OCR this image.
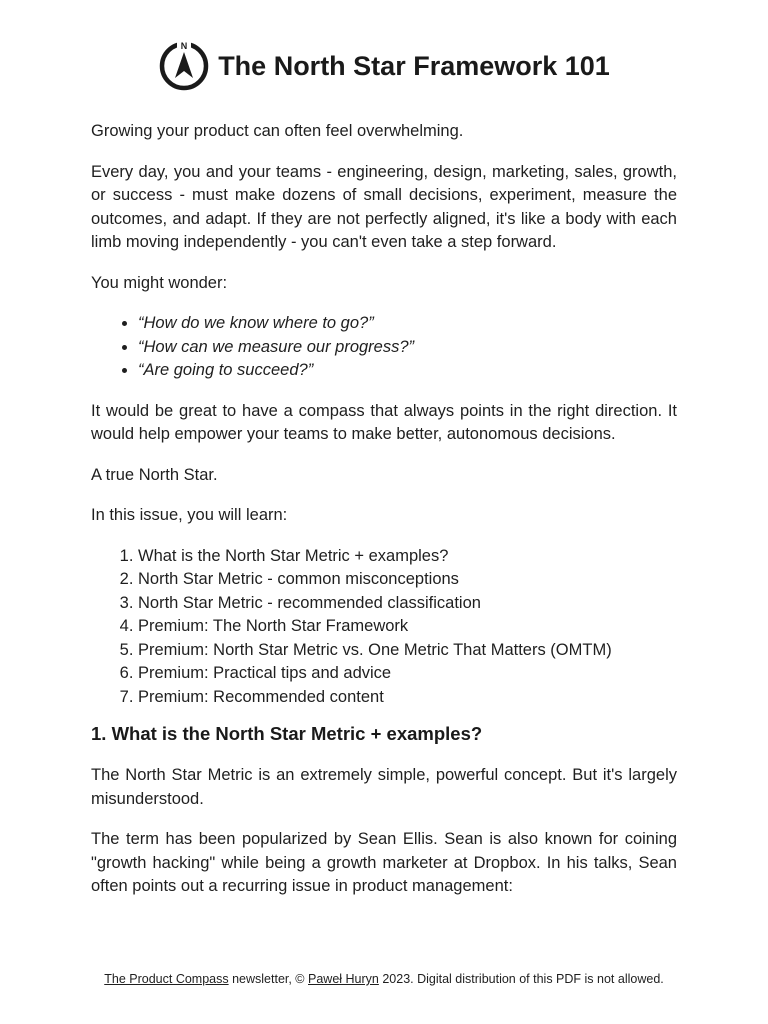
N
The North Star Framework 101

Growing your product can often feel overwhelming.

Every day, you and your teams - engineering, design, marketing, sales, growth, or success - must make dozens of small decisions, experiment, measure the outcomes, and adapt. If they are not perfectly aligned, it's like a body with each limb moving independently - you can't even take a step forward.

You might wonder:

• “How do we know where to go?”
• “How can we measure our progress?”
• “Are going to succeed?”

It would be great to have a compass that always points in the right direction. It would help empower your teams to make better, autonomous decisions.

A true North Star.

In this issue, you will learn:

1. What is the North Star Metric + examples?
2. North Star Metric - common misconceptions
3. North Star Metric - recommended classification
4. Premium: The North Star Framework
5. Premium: North Star Metric vs. One Metric That Matters (OMTM)
6. Premium: Practical tips and advice
7. Premium: Recommended content
1. What is the North Star Metric + examples?

The North Star Metric is an extremely simple, powerful concept. But it's largely misunderstood.

The term has been popularized by Sean Ellis. Sean is also known for coining "growth hacking" while being a growth marketer at Dropbox. In his talks, Sean often points out a recurring issue in product management:

The Product Compass newsletter, © Paweł Huryn 2023. Digital distribution of this PDF is not allowed.
